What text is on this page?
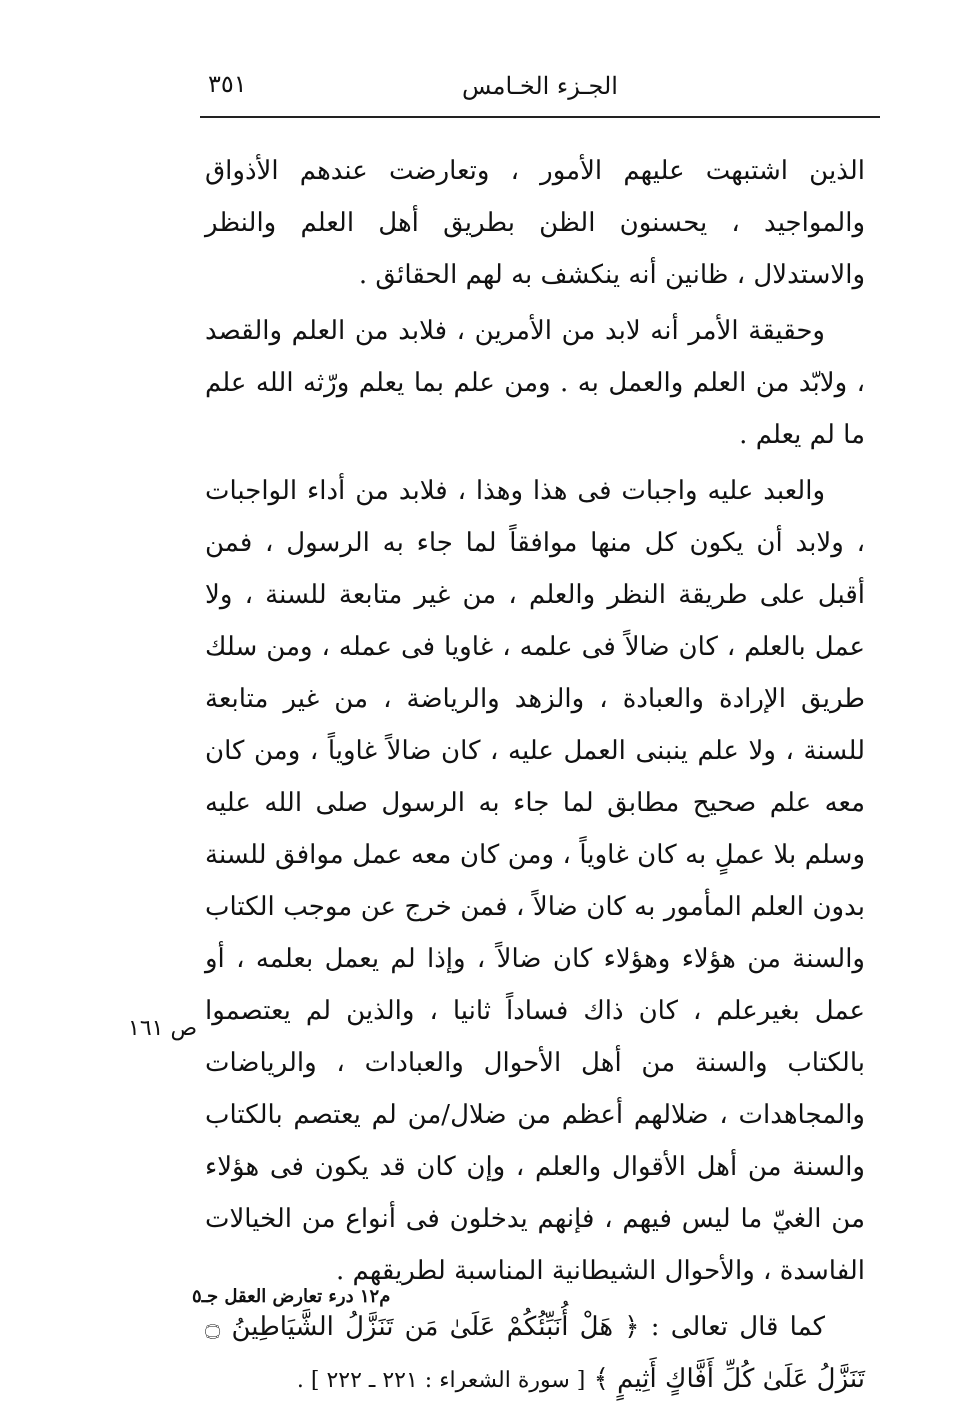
٣٥١	الجـزء الخـامس

الذين اشتبهت عليهم الأمور ، وتعارضت عندهم الأذواق والمواجيد ، يحسنون الظن بطريق أهل العلم والنظر والاستدلال ، ظانين أنه ينكشف به لهم الحقائق .

وحقيقة الأمر أنه لابد من الأمرين ، فلابد من العلم والقصد ، ولابّد من العلم والعمل به . ومن علم بما يعلم ورّثه الله علم ما لم يعلم .

والعبد عليه واجبات فى هذا وهذا ، فلابد من أداء الواجبات ، ولابد أن يكون كل منها موافقاً لما جاء به الرسول ، فمن أقبل على طريقة النظر والعلم ، من غير متابعة للسنة ، ولا عمل بالعلم ، كان ضالاً فى علمه ، غاويا فى عمله ، ومن سلك طريق الإرادة والعبادة ، والزهد والرياضة ، من غير متابعة للسنة ، ولا علم ينبنى العمل عليه ، كان ضالاً غاوياً ، ومن كان معه علم صحيح مطابق لما جاء به الرسول صلى الله عليه وسلم بلا عملٍ به كان غاوياً ، ومن كان معه عمل موافق للسنة بدون العلم المأمور به كان ضالاً ، فمن خرج عن موجب الكتاب والسنة من هؤلاء وهؤلاء كان ضالاً ، وإذا لم يعمل بعلمه ، أو عمل بغيرعلم ، كان ذاك فساداً ثانيا ، والذين لم يعتصموا بالكتاب والسنة من أهل الأحوال والعبادات ، والرياضات والمجاهدات ، ضلالهم أعظم من ضلال/من لم يعتصم بالكتاب والسنة من أهل الأقوال والعلم ، وإن كان قد يكون فى هؤلاء من الغيّ ما ليس فيهم ، فإنهم يدخلون فى أنواع من الخيالات الفاسدة ، والأحوال الشيطانية المناسبة لطريقهم .

كما قال تعالى : ﴿ هَلْ أُنَبِّئُكُمْ عَلَىٰ مَن تَنَزَّلُ الشَّيَاطِينُ ۝ تَنَزَّلُ عَلَىٰ كُلِّ أَفَّاكٍ أَثِيمٍ ﴾ [ سورة الشعراء : ٢٢١ ـ ٢٢٢ ] .

ص ١٦١
م١٢ درء تعارض العقل جـ٥
